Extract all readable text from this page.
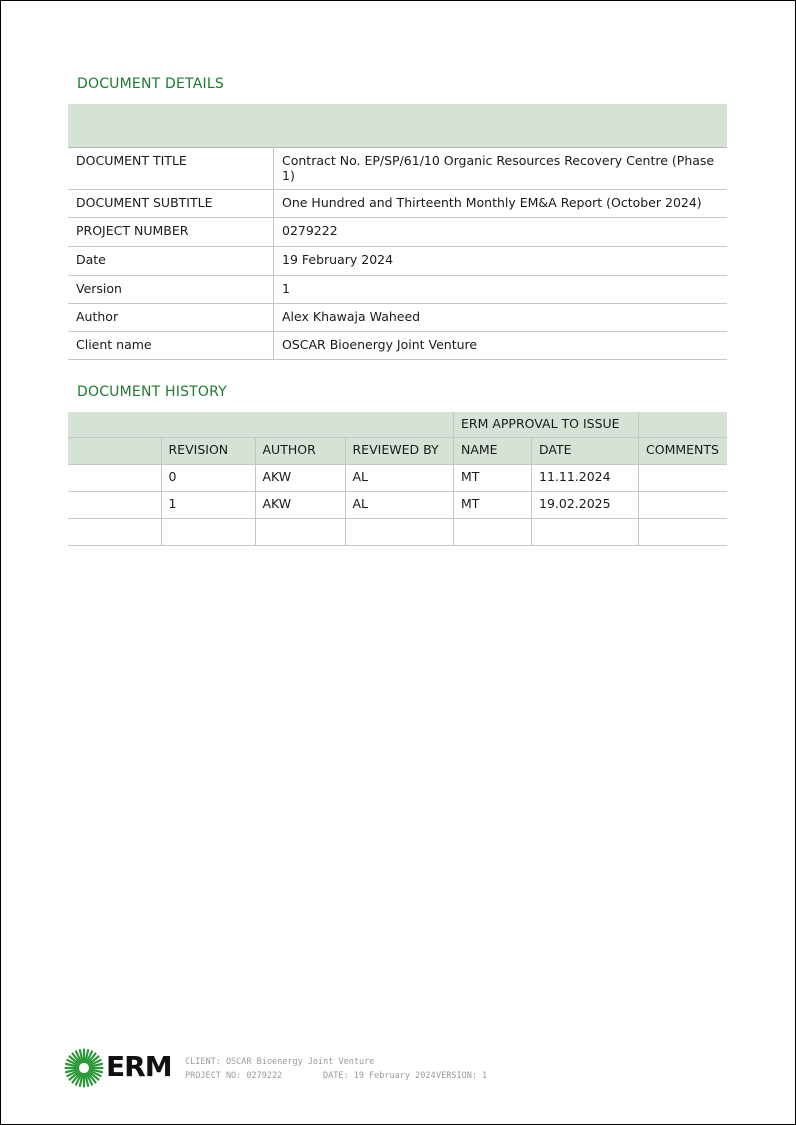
DOCUMENT DETAILS

DOCUMENT TITLE	Contract No. EP/SP/61/10 Organic Resources Recovery Centre (Phase 1)
DOCUMENT SUBTITLE	One Hundred and Thirteenth Monthly EM&A Report (October 2024)
PROJECT NUMBER	0279222
Date	19 February 2024
Version	1
Author	Alex Khawaja Waheed
Client name	OSCAR Bioenergy Joint Venture
DOCUMENT HISTORY
				ERM APPROVAL TO ISSUE		
	REVISION	AUTHOR	REVIEWED BY	NAME	DATE	COMMENTS
	0	AKW	AL	MT	11.11.2024	
	1	AKW	AL	MT	19.02.2025	

ERM CLIENT: OSCAR Bioenergy Joint Venture
PROJECT NO: 0279222	DATE: 19 February 2024 VERSION: 1
